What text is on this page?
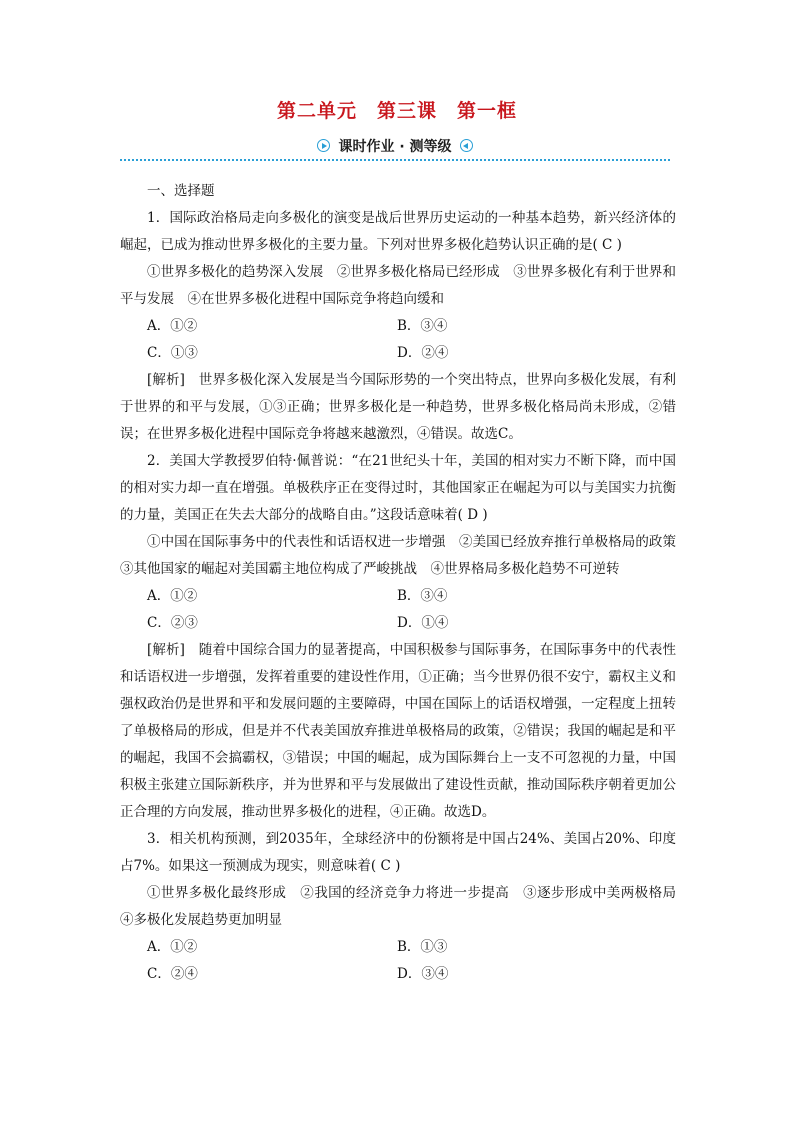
第二单元　第三课　第一框
课时作业 · 测等级

一、选择题

1．国际政治格局走向多极化的演变是战后世界历史运动的一种基本趋势，新兴经济体的崛起，已成为推动世界多极化的主要力量。下列对世界多极化趋势认识正确的是( C )

①世界多极化的趋势深入发展　②世界多极化格局已经形成　③世界多极化有利于世界和平与发展　④在世界多极化进程中国际竞争将趋向缓和

A．①②	B．③④
C．①③	D．②④

[解析]　世界多极化深入发展是当今国际形势的一个突出特点，世界向多极化发展，有利于世界的和平与发展，①③正确；世界多极化是一种趋势，世界多极化格局尚未形成，②错误；在世界多极化进程中国际竞争将越来越激烈，④错误。故选C。

2．美国大学教授罗伯特·佩普说：“在21世纪头十年，美国的相对实力不断下降，而中国的相对实力却一直在增强。单极秩序正在变得过时，其他国家正在崛起为可以与美国实力抗衡的力量，美国正在失去大部分的战略自由。”这段话意味着( D )

①中国在国际事务中的代表性和话语权进一步增强　②美国已经放弃推行单极格局的政策　③其他国家的崛起对美国霸主地位构成了严峻挑战　④世界格局多极化趋势不可逆转

A．①②	B．③④
C．②③	D．①④

[解析]　随着中国综合国力的显著提高，中国积极参与国际事务，在国际事务中的代表性和话语权进一步增强，发挥着重要的建设性作用，①正确；当今世界仍很不安宁，霸权主义和强权政治仍是世界和平和发展问题的主要障碍，中国在国际上的话语权增强，一定程度上扭转了单极格局的形成，但是并不代表美国放弃推进单极格局的政策，②错误；我国的崛起是和平的崛起，我国不会搞霸权，③错误；中国的崛起，成为国际舞台上一支不可忽视的力量，中国积极主张建立国际新秩序，并为世界和平与发展做出了建设性贡献，推动国际秩序朝着更加公正合理的方向发展，推动世界多极化的进程，④正确。故选D。

3．相关机构预测，到2035年，全球经济中的份额将是中国占24%、美国占20%、印度占7%。如果这一预测成为现实，则意味着( C )

①世界多极化最终形成　②我国的经济竞争力将进一步提高　③逐步形成中美两极格局　④多极化发展趋势更加明显

A．①②	B．①③
C．②④	D．③④
